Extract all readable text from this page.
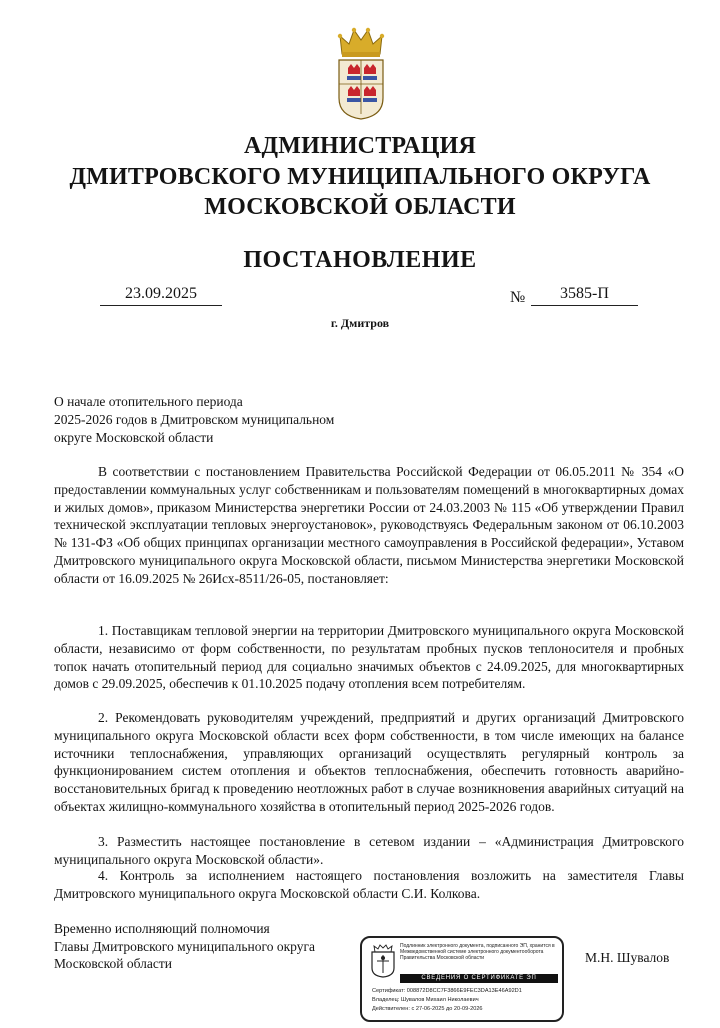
АДМИНИСТРАЦИЯ
ДМИТРОВСКОГО МУНИЦИПАЛЬНОГО ОКРУГА
МОСКОВСКОЙ ОБЛАСТИ
ПОСТАНОВЛЕНИЕ
23.09.2025	№	3585-П
г. Дмитров
О начале отопительного периода
2025-2026 годов в Дмитровском муниципальном
округе Московской области

В соответствии с постановлением Правительства Российской Федерации от 06.05.2011 № 354 «О предоставлении коммунальных услуг собственникам и пользователям помещений в многоквартирных домах и жилых домов», приказом Министерства энергетики России от 24.03.2003 № 115 «Об утверждении Правил технической эксплуатации тепловых энергоустановок», руководствуясь Федеральным законом от 06.10.2003 № 131-ФЗ «Об общих принципах организации местного самоуправления в Российской федерации», Уставом Дмитровского муниципального округа Московской области, письмом Министерства энергетики Московской области от 16.09.2025 № 26Исх-8511/26-05, постановляет:

1. Поставщикам тепловой энергии на территории Дмитровского муниципального округа Московской области, независимо от форм собственности, по результатам пробных пусков теплоносителя и пробных топок начать отопительный период для социально значимых объектов с 24.09.2025, для многоквартирных домов с 29.09.2025, обеспечив к 01.10.2025 подачу отопления всем потребителям.

2. Рекомендовать руководителям учреждений, предприятий и других организаций Дмитровского муниципального округа Московской области всех форм собственности, в том числе имеющих на балансе источники теплоснабжения, управляющих организаций осуществлять регулярный контроль за функционированием систем отопления и объектов теплоснабжения, обеспечить готовность аварийно-восстановительных бригад к проведению неотложных работ в случае возникновения аварийных ситуаций на объектах жилищно-коммунального хозяйства в отопительный период 2025-2026 годов.

3. Разместить настоящее постановление в сетевом издании – «Администрация Дмитровского муниципального округа Московской области».

4. Контроль за исполнением настоящего постановления возложить на заместителя Главы Дмитровского муниципального округа Московской области С.И. Колкова.

Временно исполняющий полномочия
Главы Дмитровского муниципального округа
Московской области
Подлинник электронного документа, подписанного ЭП, хранится в Межведомственной системе электронного документооборота Правительства Московской области
СВЕДЕНИЯ О СЕРТИФИКАТЕ ЭП
Сертификат: 008872D8CC7F3866E9FEC3DA13E46A92D1
Владелец: Шувалов Михаил Николаевич
Действителен: с 27-06-2025 до 20-09-2026
М.Н. Шувалов
